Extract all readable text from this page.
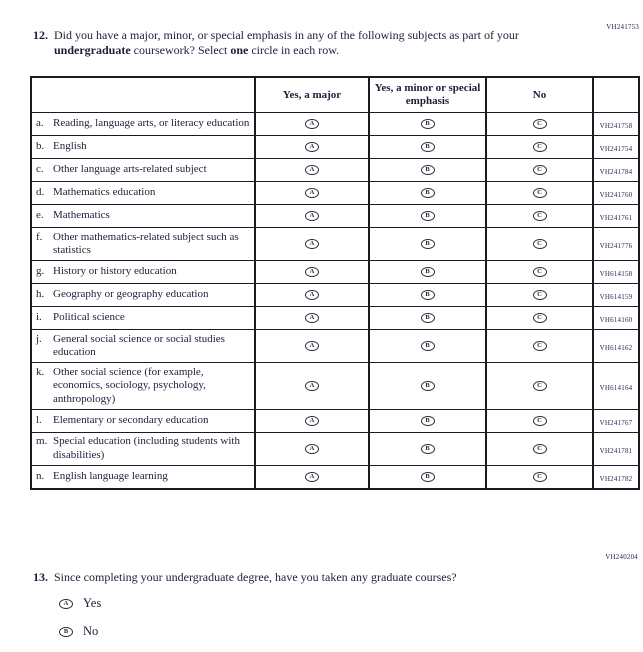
VH241753
12. Did you have a major, minor, or special emphasis in any of the following subjects as part of your undergraduate coursework? Select one circle in each row.
	Yes, a major	Yes, a minor or special emphasis	No	

a. Reading, language arts, or literacy education	A	B	C	VH241758

b. English	A	B	C	VH241754

c. Other language arts-related subject	A	B	C	VH241784

d. Mathematics education	A	B	C	VH241760

e. Mathematics	A	B	C	VH241761

f. Other mathematics-related subject such as statistics	A	B	C	VH241776

g. History or history education	A	B	C	VH614158

h. Geography or geography education	A	B	C	VH614159

i. Political science	A	B	C	VH614160

j. General social science or social studies education	A	B	C	VH614162

k. Other social science (for example, economics, sociology, psychology, anthropology)	A	B	C	VH614164

l. Elementary or secondary education	A	B	C	VH241767

m. Special education (including students with disabilities)	A	B	C	VH241781

n. English language learning	A	B	C	VH241782
VH240204
13. Since completing your undergraduate degree, have you taken any graduate courses?
A	Yes
B	No
